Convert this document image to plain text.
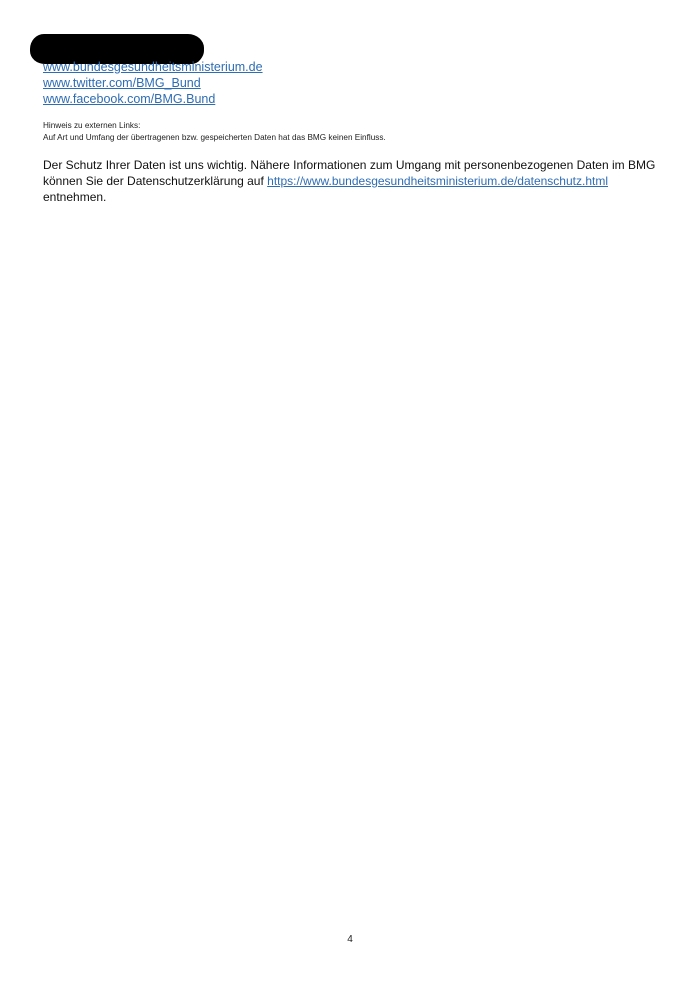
www.bundesgesundheitsministerium.de
www.twitter.com/BMG_Bund
www.facebook.com/BMG.Bund
Hinweis zu externen Links:
Auf Art und Umfang der übertragenen bzw. gespeicherten Daten hat das BMG keinen Einfluss.
Der Schutz Ihrer Daten ist uns wichtig. Nähere Informationen zum Umgang mit personenbezogenen Daten im BMG
können Sie der Datenschutzerklärung auf https://www.bundesgesundheitsministerium.de/datenschutz.html
entnehmen.
4
